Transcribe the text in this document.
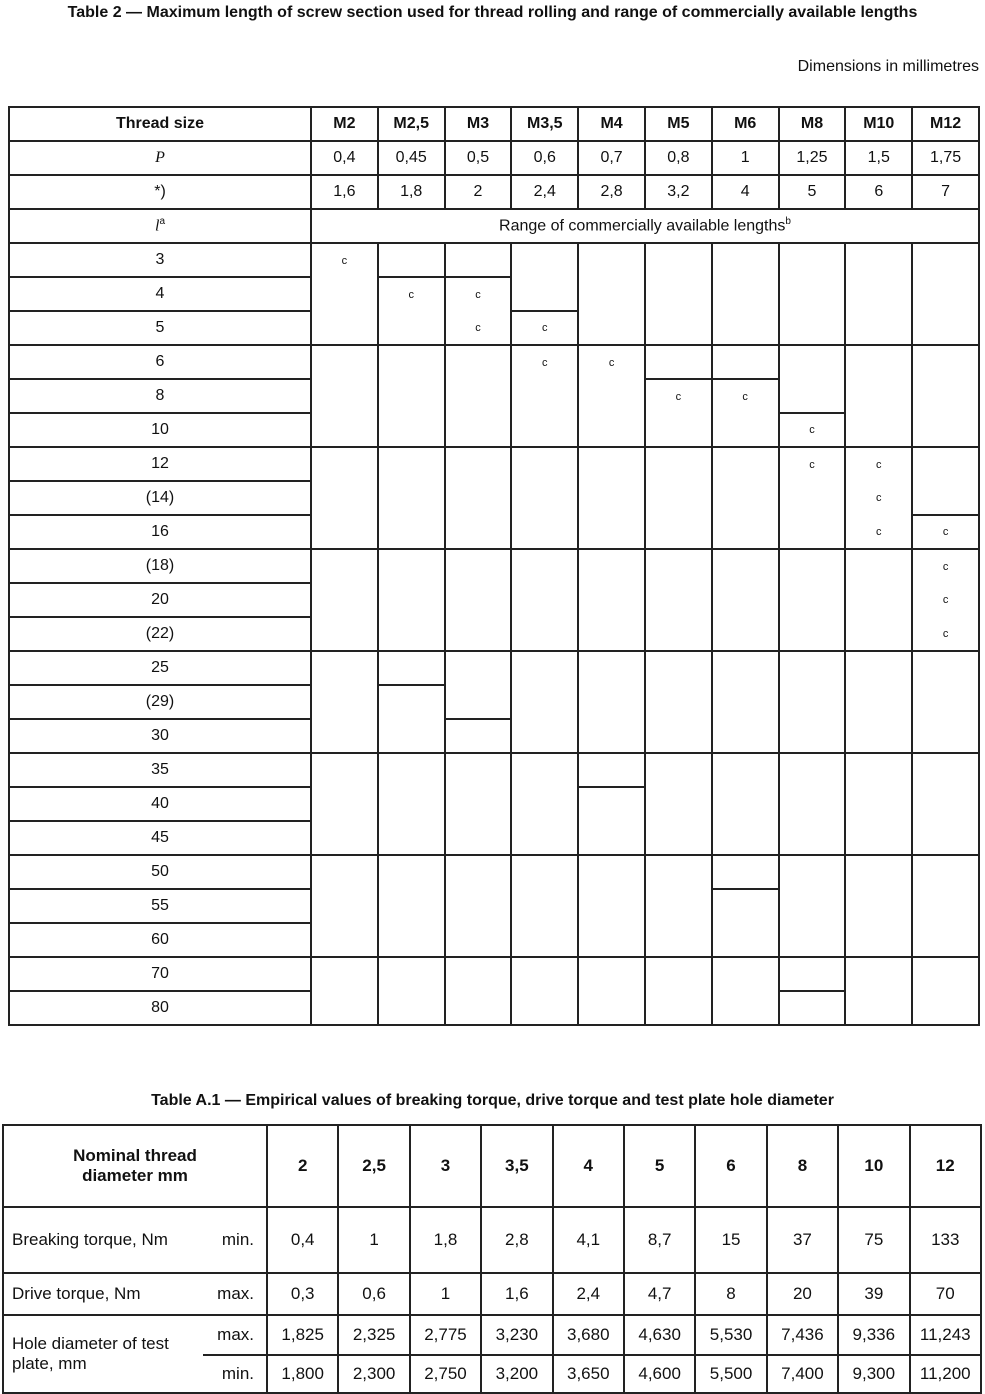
Table 2 — Maximum length of screw section used for thread rolling and range of commercially available lengths
Dimensions in millimetres
Thread size	M2	M2,5	M3	M3,5	M4	M5	M6	M8	M10	M12
P	0,4	0,45	0,5	0,6	0,7	0,8	1	1,25	1,5	1,75
*)	1,6	1,8	2	2,4	2,8	3,2	4	5	6	7
$l^a$	Range of commercially available lengths$^b$
3	c									
4		c	c							
5			c	c						
6				c	c					
8						c	c			
10								c		
12								c	c	
(14)									c	
16									c	c
(18)										c
20										c
(22)										c
25										
(29)										
30										
35										
40										
45										
50										
55										
60										
70										
80										
Table A.1 — Empirical values of breaking torque, drive torque and test plate hole diameter
Nominal thread diameter mm		2	2,5	3	3,5	4	5	6	8	10	12
Breaking torque, Nm	min.	0,4	1	1,8	2,8	4,1	8,7	15	37	75	133
Drive torque, Nm	max.	0,3	0,6	1	1,6	2,4	4,7	8	20	39	70
Hole diameter of test plate, mm	max.	1,825	2,325	2,775	3,230	3,680	4,630	5,530	7,436	9,336	11,243
	min.	1,800	2,300	2,750	3,200	3,650	4,600	5,500	7,400	9,300	11,200
